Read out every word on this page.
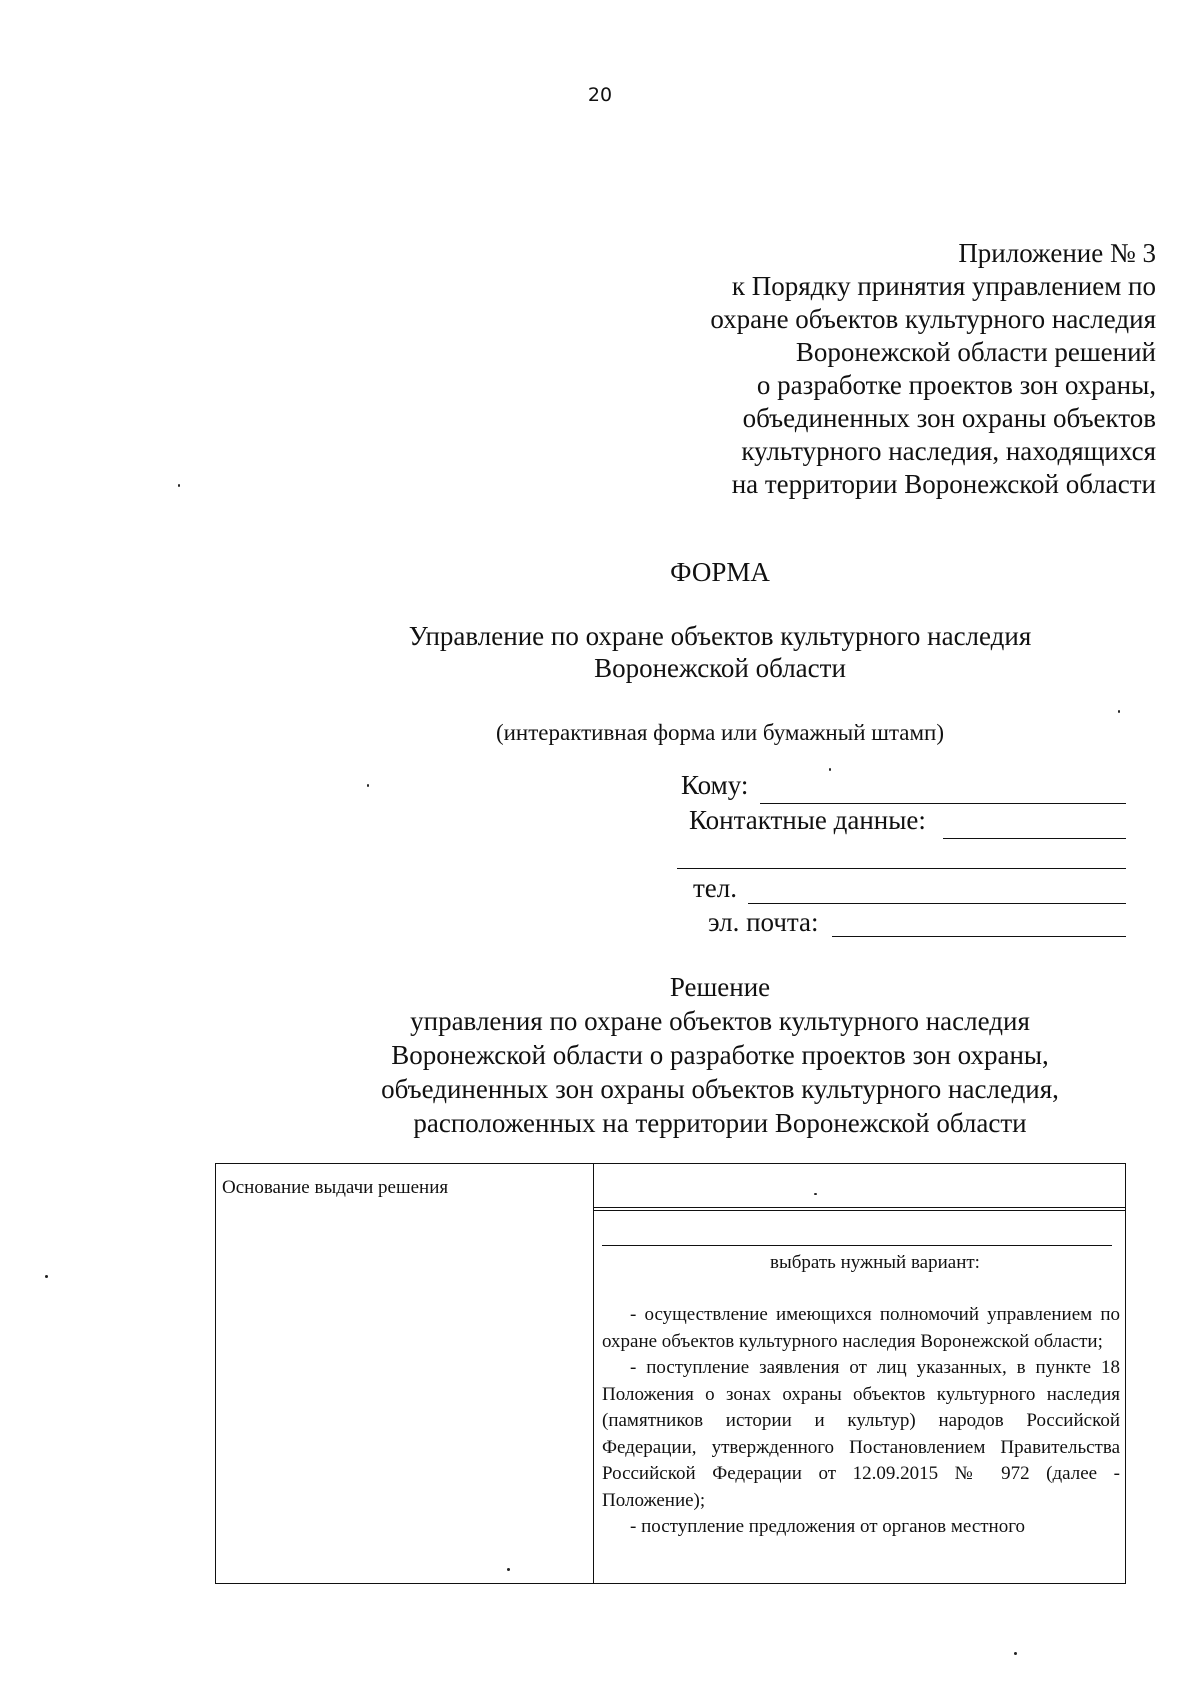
20
Приложение № 3
к Порядку принятия управлением по
охране объектов культурного наследия
Воронежской области решений
о разработке проектов зон охраны,
объединенных зон охраны объектов
культурного наследия, находящихся
на территории Воронежской области
ФОРМА
Управление по охране объектов культурного наследия
Воронежской области
(интерактивная форма или бумажный штамп)
Кому:
Контактные данные:
тел.
эл. почта:
Решение
управления по охране объектов культурного наследия
Воронежской области о разработке проектов зон охраны,
объединенных зон охраны объектов культурного наследия,
расположенных на территории Воронежской области
Основание выдачи решения
выбрать нужный вариант:

- осуществление имеющихся полномочий управлением по охране объектов культурного наследия Воронежской области;

- поступление заявления от лиц указанных, в пункте 18 Положения о зонах охраны объектов культурного наследия (памятников истории и культур) народов Российской Федерации, утвержденного Постановлением Правительства Российской Федерации от 12.09.2015 № 972 (далее - Положение);

- поступление предложения от органов местного
